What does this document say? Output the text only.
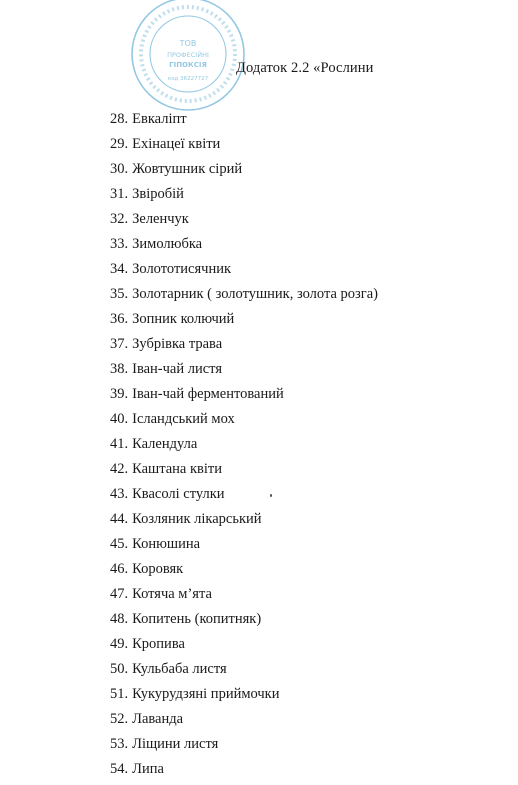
ТОВ
ПРОФЕСІЙНІ
ГІПОКСІЯ
код 36227727
Додаток 2.2 «Рослини
28. Евкаліпт
29. Ехінацеї квіти
30. Жовтушник сірий
31. Звіробій
32. Зеленчук
33. Зимолюбка
34. Золототисячник
35. Золотарник ( золотушник, золота розга)
36. Зопник колючий
37. Зубрівка трава
38. Іван-чай листя
39. Іван-чай ферментований
40. Ісландський мох
41. Календула
42. Каштана квіти
43. Квасолі стулки
44. Козляник лікарський
45. Конюшина
46. Коровяк
47. Котяча м’ята
48. Копитень (копитняк)
49. Кропива
50. Кульбаба листя
51. Кукурудзяні приймочки
52. Лаванда
53. Ліщини листя
54. Липа
